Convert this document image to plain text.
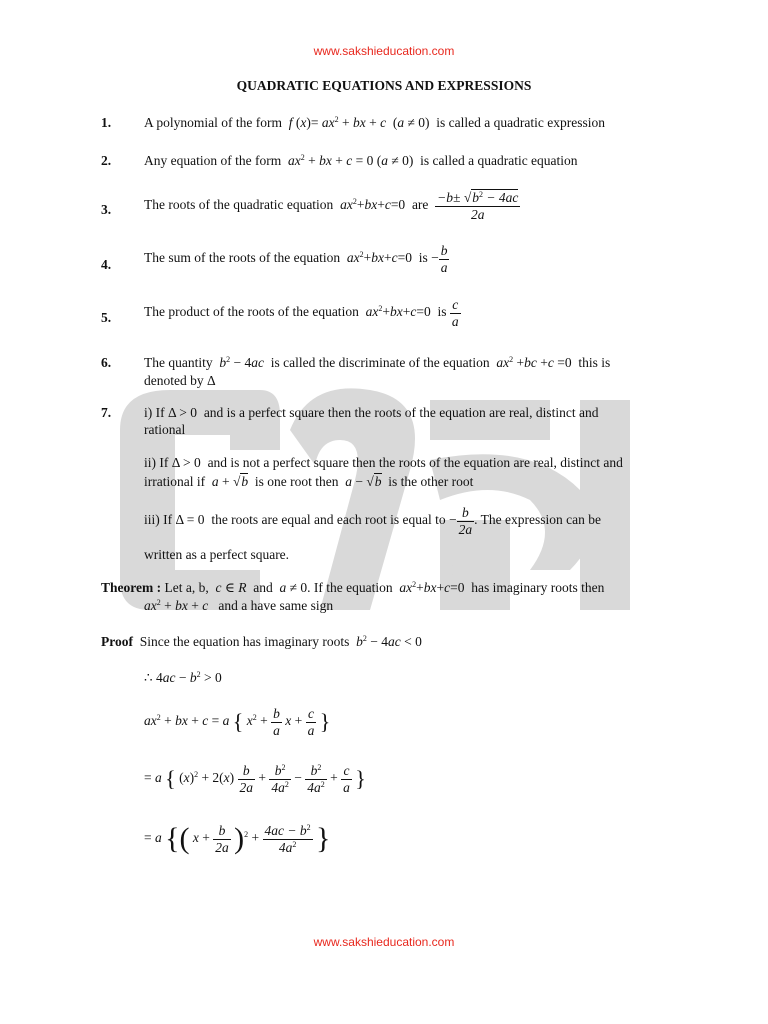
www.sakshieducation.com
QUADRATIC EQUATIONS AND EXPRESSIONS
1. A polynomial of the form f $(x)= ax^2$ + bx + c  (a ≠ 0)  is called a quadratic expression
2. Any equation of the form $ax^2$ + bx + c = 0 (a ≠ 0) is called a quadratic equation
3. The roots of the quadratic equation $ax^2+bx+c=0$ are $\frac{-b\pm √b^2 - 4ac}{2a}$
4. The sum of the roots of the equation $ax^2+bx+c=0$ is − $\frac{b}{a}$
5. The product of the roots of the equation $ax^2+bx+c=0$ is $\frac{c}{a}$
6. The quantity $b^2 - 4ac$ is called the discriminate of the equation $ax^2 +bc +c =0$  this is
denoted by Δ
7. i) If Δ > 0  and is a perfect square then the roots of the equation are real, distinct and
rational
ii) If Δ > 0  and is not a perfect square then the roots of the equation are real, distinct and
irrational if a + √b is one root then a − √b is the other root
iii) If Δ = 0  the roots are equal and each root is equal to − $\frac{b}{2a}$ . The expression can be
written as a perfect square.
Theorem : Let a, b, c ∈ R and a ≠ 0. If the equation $ax^2+bx+c=0$  has imaginary roots then
$ax^2$ + bx + c and a have same sign
Proof Since the equation has imaginary roots $b^2 - 4ac < 0$
∴ $4ac - b^2 > 0$
$ax^2$ + bx + c = a { $x^2 + \frac{b}{a}$ $x + \frac{c}{a}$ }
= a { $(x)^2 + 2(x) \frac{b}{2a} + \frac{b^2}{4a^2} - \frac{b^2}{4a^2} + \frac{c}{a}$ }
= a {( $x + \frac{b}{2a} )^2 + \frac{4ac - b^2}{4a^2}$ }
www.sakshieducation.com
